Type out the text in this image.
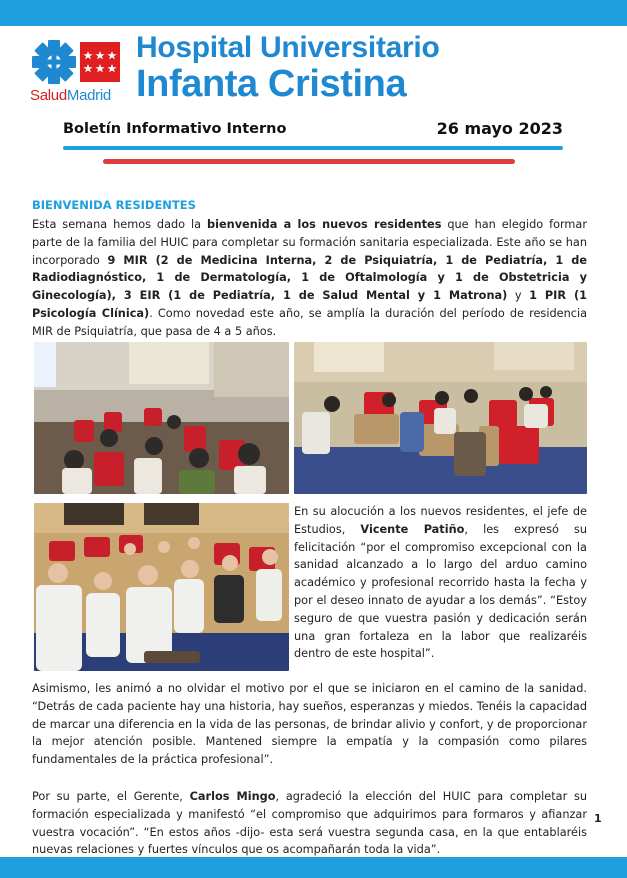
SaludMadrid
Hospital Universitario
Infanta Cristina
Boletín Informativo Interno	26 mayo 2023
BIENVENIDA RESIDENTES

Esta semana hemos dado la bienvenida a los nuevos residentes que han elegido formar parte de la familia del HUIC para completar su formación sanitaria especializada. Este año se han incorporado 9 MIR (2 de Medicina Interna, 2 de Psiquiatría, 1 de Pediatría, 1 de Radiodiagnóstico, 1 de Dermatología, 1 de Oftalmología y 1 de Obstetricia y Ginecología), 3 EIR (1 de Pediatría, 1 de Salud Mental y 1 Matrona) y 1 PIR (1 Psicología Clínica). Como novedad este año, se amplía la duración del período de residencia MIR de Psiquiatría, que pasa de 4 a 5 años.

En su alocución a los nuevos residentes, el jefe de Estudios, Vicente Patiño, les expresó su felicitación “por el compromiso excepcional con la sanidad alcanzado a lo largo del arduo camino académico y profesional recorrido hasta la fecha y por el deseo innato de ayudar a los demás”. “Estoy seguro de que vuestra pasión y dedicación serán una gran fortaleza en la labor que realizaréis dentro de este hospital”.

Asimismo, les animó a no olvidar el motivo por el que se iniciaron en el camino de la sanidad. “Detrás de cada paciente hay una historia, hay sueños, esperanzas y miedos. Tenéis la capacidad de marcar una diferencia en la vida de las personas, de brindar alivio y confort, y de proporcionar la mejor atención posible. Mantened siempre la empatía y la compasión como pilares fundamentales de la práctica profesional”.

Por su parte, el Gerente, Carlos Mingo, agradeció la elección del HUIC para completar su formación especializada y manifestó “el compromiso que adquirimos para formaros y afianzar vuestra vocación”. “En estos años -dijo- esta será vuestra segunda casa, en la que entablaréis nuevas relaciones y fuertes vínculos que os acompañarán toda la vida”.

1
